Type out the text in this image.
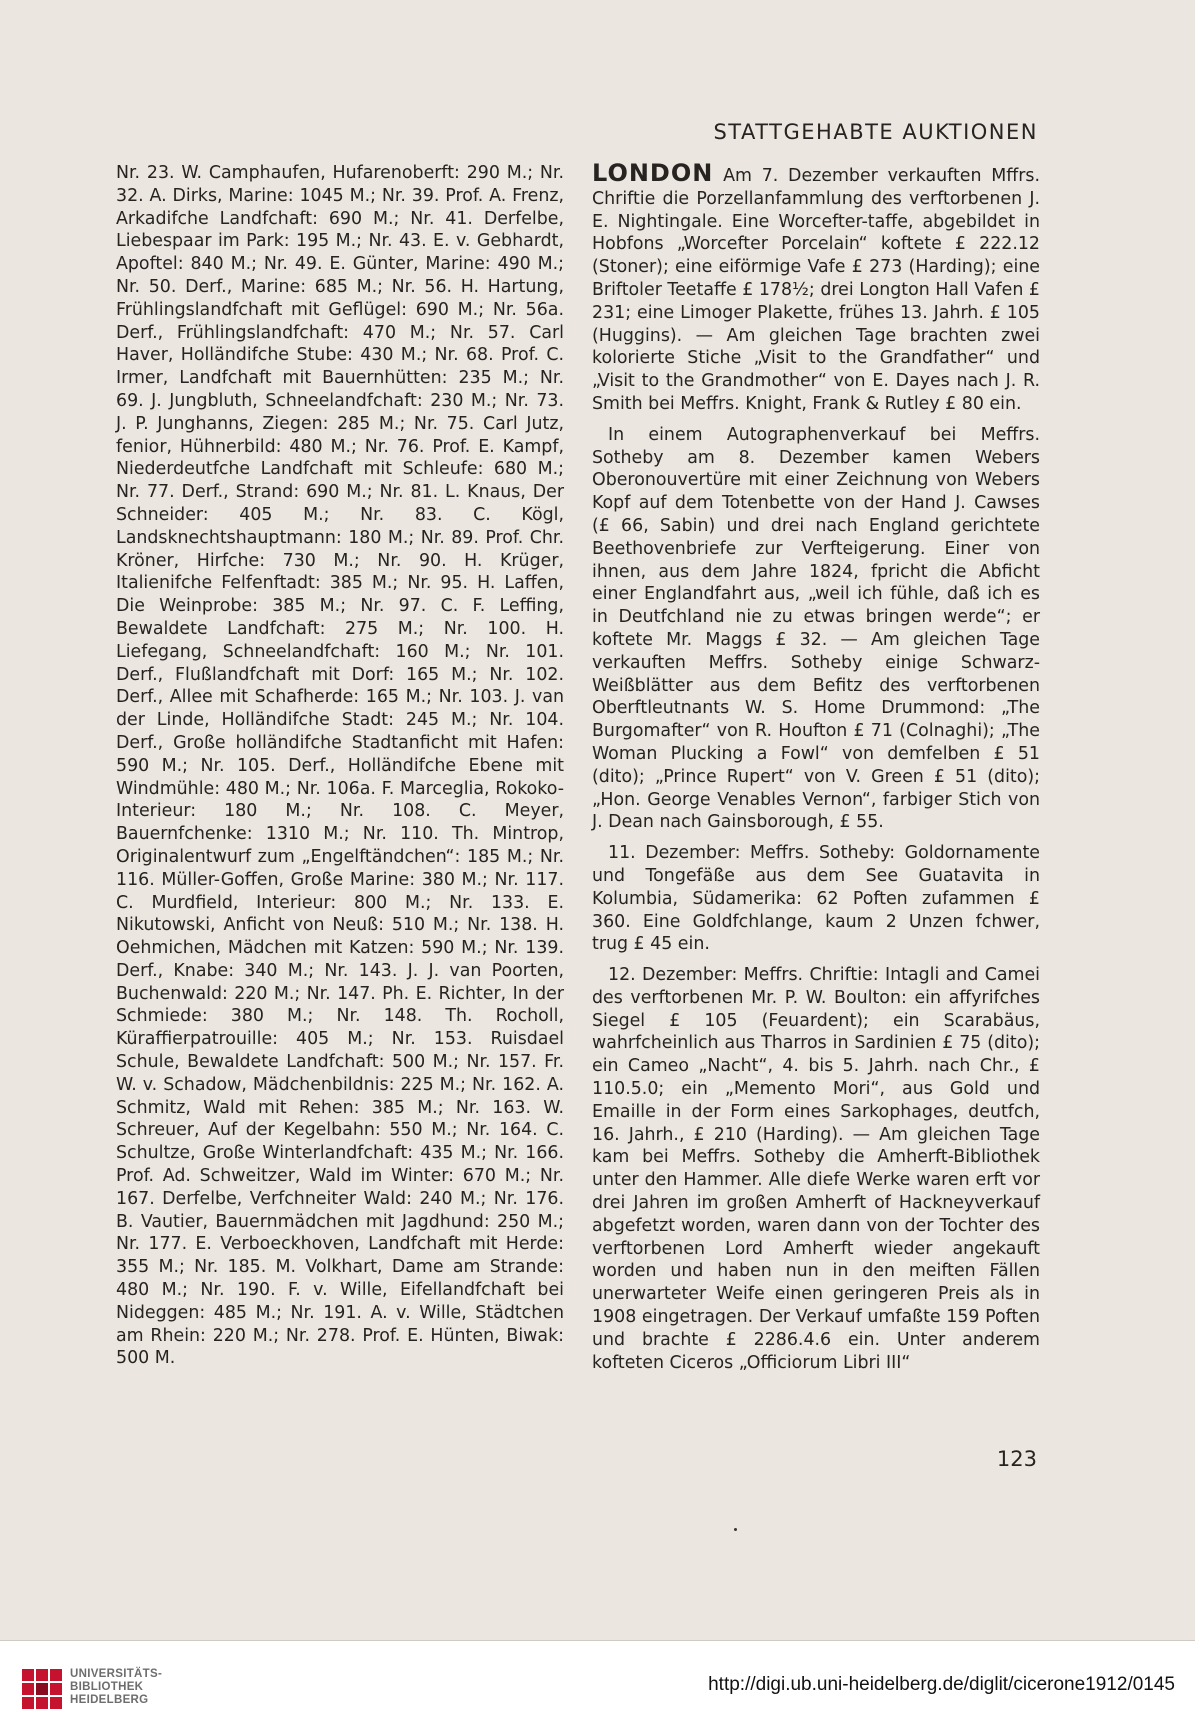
STATTGEHABTE AUKTIONEN

Nr. 23. W. Camphaufen, Hufarenoberft: 290 M.; Nr. 32. A. Dirks, Marine: 1045 M.; Nr. 39. Prof. A. Frenz, Arkadifche Landfchaft: 690 M.; Nr. 41. Derfelbe, Liebespaar im Park: 195 M.; Nr. 43. E. v. Gebhardt, Apoftel: 840 M.; Nr. 49. E. Günter, Marine: 490 M.; Nr. 50. Derf., Marine: 685 M.; Nr. 56. H. Hartung, Frühlingslandfchaft mit Geflügel: 690 M.; Nr. 56a. Derf., Frühlingslandfchaft: 470 M.; Nr. 57. Carl Haver, Holländifche Stube: 430 M.; Nr. 68. Prof. C. Irmer, Landfchaft mit Bauernhütten: 235 M.; Nr. 69. J. Jungbluth, Schneelandfchaft: 230 M.; Nr. 73. J. P. Junghanns, Ziegen: 285 M.; Nr. 75. Carl Jutz, fenior, Hühnerbild: 480 M.; Nr. 76. Prof. E. Kampf, Niederdeutfche Landfchaft mit Schleufe: 680 M.; Nr. 77. Derf., Strand: 690 M.; Nr. 81. L. Knaus, Der Schneider: 405 M.; Nr. 83. C. Kögl, Landsknechtshauptmann: 180 M.; Nr. 89. Prof. Chr. Kröner, Hirfche: 730 M.; Nr. 90. H. Krüger, Italienifche Felfenftadt: 385 M.; Nr. 95. H. Laffen, Die Weinprobe: 385 M.; Nr. 97. C. F. Leffing, Bewaldete Landfchaft: 275 M.; Nr. 100. H. Liefegang, Schneelandfchaft: 160 M.; Nr. 101. Derf., Flußlandfchaft mit Dorf: 165 M.; Nr. 102. Derf., Allee mit Schafherde: 165 M.; Nr. 103. J. van der Linde, Holländifche Stadt: 245 M.; Nr. 104. Derf., Große holländifche Stadtanficht mit Hafen: 590 M.; Nr. 105. Derf., Holländifche Ebene mit Windmühle: 480 M.; Nr. 106a. F. Marceglia, Rokoko-Interieur: 180 M.; Nr. 108. C. Meyer, Bauernfchenke: 1310 M.; Nr. 110. Th. Mintrop, Originalentwurf zum „Engelftändchen“: 185 M.; Nr. 116. Müller-Goffen, Große Marine: 380 M.; Nr. 117. C. Murdfield, Interieur: 800 M.; Nr. 133. E. Nikutowski, Anficht von Neuß: 510 M.; Nr. 138. H. Oehmichen, Mädchen mit Katzen: 590 M.; Nr. 139. Derf., Knabe: 340 M.; Nr. 143. J. J. van Poorten, Buchenwald: 220 M.; Nr. 147. Ph. E. Richter, In der Schmiede: 380 M.; Nr. 148. Th. Rocholl, Küraffierpatrouille: 405 M.; Nr. 153. Ruisdael Schule, Bewaldete Landfchaft: 500 M.; Nr. 157. Fr. W. v. Schadow, Mädchenbildnis: 225 M.; Nr. 162. A. Schmitz, Wald mit Rehen: 385 M.; Nr. 163. W. Schreuer, Auf der Kegelbahn: 550 M.; Nr. 164. C. Schultze, Große Winterlandfchaft: 435 M.; Nr. 166. Prof. Ad. Schweitzer, Wald im Winter: 670 M.; Nr. 167. Derfelbe, Verfchneiter Wald: 240 M.; Nr. 176. B. Vautier, Bauernmädchen mit Jagdhund: 250 M.; Nr. 177. E. Verboeckhoven, Landfchaft mit Herde: 355 M.; Nr. 185. M. Volkhart, Dame am Strande: 480 M.; Nr. 190. F. v. Wille, Eifellandfchaft bei Nideggen: 485 M.; Nr. 191. A. v. Wille, Städtchen am Rhein: 220 M.; Nr. 278. Prof. E. Hünten, Biwak: 500 M.

LONDON Am 7. Dezember verkauften Mffrs. Chriftie die Porzellanfammlung des verftorbenen J. E. Nightingale. Eine Worcefter-taffe, abgebildet in Hobfons „Worcefter Porcelain“ koftete £ 222.12 (Stoner); eine eiförmige Vafe £ 273 (Harding); eine Briftoler Teetaffe £ 178½; drei Longton Hall Vafen £ 231; eine Limoger Plakette, frühes 13. Jahrh. £ 105 (Huggins). — Am gleichen Tage brachten zwei kolorierte Stiche „Visit to the Grandfather“ und „Visit to the Grandmother“ von E. Dayes nach J. R. Smith bei Meffrs. Knight, Frank & Rutley £ 80 ein.

In einem Autographenverkauf bei Meffrs. Sotheby am 8. Dezember kamen Webers Oberonouvertüre mit einer Zeichnung von Webers Kopf auf dem Totenbette von der Hand J. Cawses (£ 66, Sabin) und drei nach England gerichtete Beethovenbriefe zur Verfteigerung. Einer von ihnen, aus dem Jahre 1824, fpricht die Abficht einer Englandfahrt aus, „weil ich fühle, daß ich es in Deutfchland nie zu etwas bringen werde“; er koftete Mr. Maggs £ 32. — Am gleichen Tage verkauften Meffrs. Sotheby einige Schwarz-Weißblätter aus dem Befitz des verftorbenen Oberftleutnants W. S. Home Drummond: „The Burgomafter“ von R. Houfton £ 71 (Colnaghi); „The Woman Plucking a Fowl“ von demfelben £ 51 (dito); „Prince Rupert“ von V. Green £ 51 (dito); „Hon. George Venables Vernon“, farbiger Stich von J. Dean nach Gainsborough, £ 55.

11. Dezember: Meffrs. Sotheby: Goldornamente und Tongefäße aus dem See Guatavita in Kolumbia, Südamerika: 62 Poften zufammen £ 360. Eine Goldfchlange, kaum 2 Unzen fchwer, trug £ 45 ein.

12. Dezember: Meffrs. Chriftie: Intagli and Camei des verftorbenen Mr. P. W. Boulton: ein affyrifches Siegel £ 105 (Feuardent); ein Scarabäus, wahrfcheinlich aus Tharros in Sardinien £ 75 (dito); ein Cameo „Nacht“, 4. bis 5. Jahrh. nach Chr., £ 110.5.0; ein „Memento Mori“, aus Gold und Emaille in der Form eines Sarkophages, deutfch, 16. Jahrh., £ 210 (Harding). — Am gleichen Tage kam bei Meffrs. Sotheby die Amherft-Bibliothek unter den Hammer. Alle diefe Werke waren erft vor drei Jahren im großen Amherft of Hackneyverkauf abgefetzt worden, waren dann von der Tochter des verftorbenen Lord Amherft wieder angekauft worden und haben nun in den meiften Fällen unerwarteter Weife einen geringeren Preis als in 1908 eingetragen. Der Verkauf umfaßte 159 Poften und brachte £ 2286.4.6 ein. Unter anderem kofteten Ciceros „Officiorum Libri III“

123
UNIVERSITÄTS-
BIBLIOTHEK
HEIDELBERG
http://digi.ub.uni-heidelberg.de/diglit/cicerone1912/0145
